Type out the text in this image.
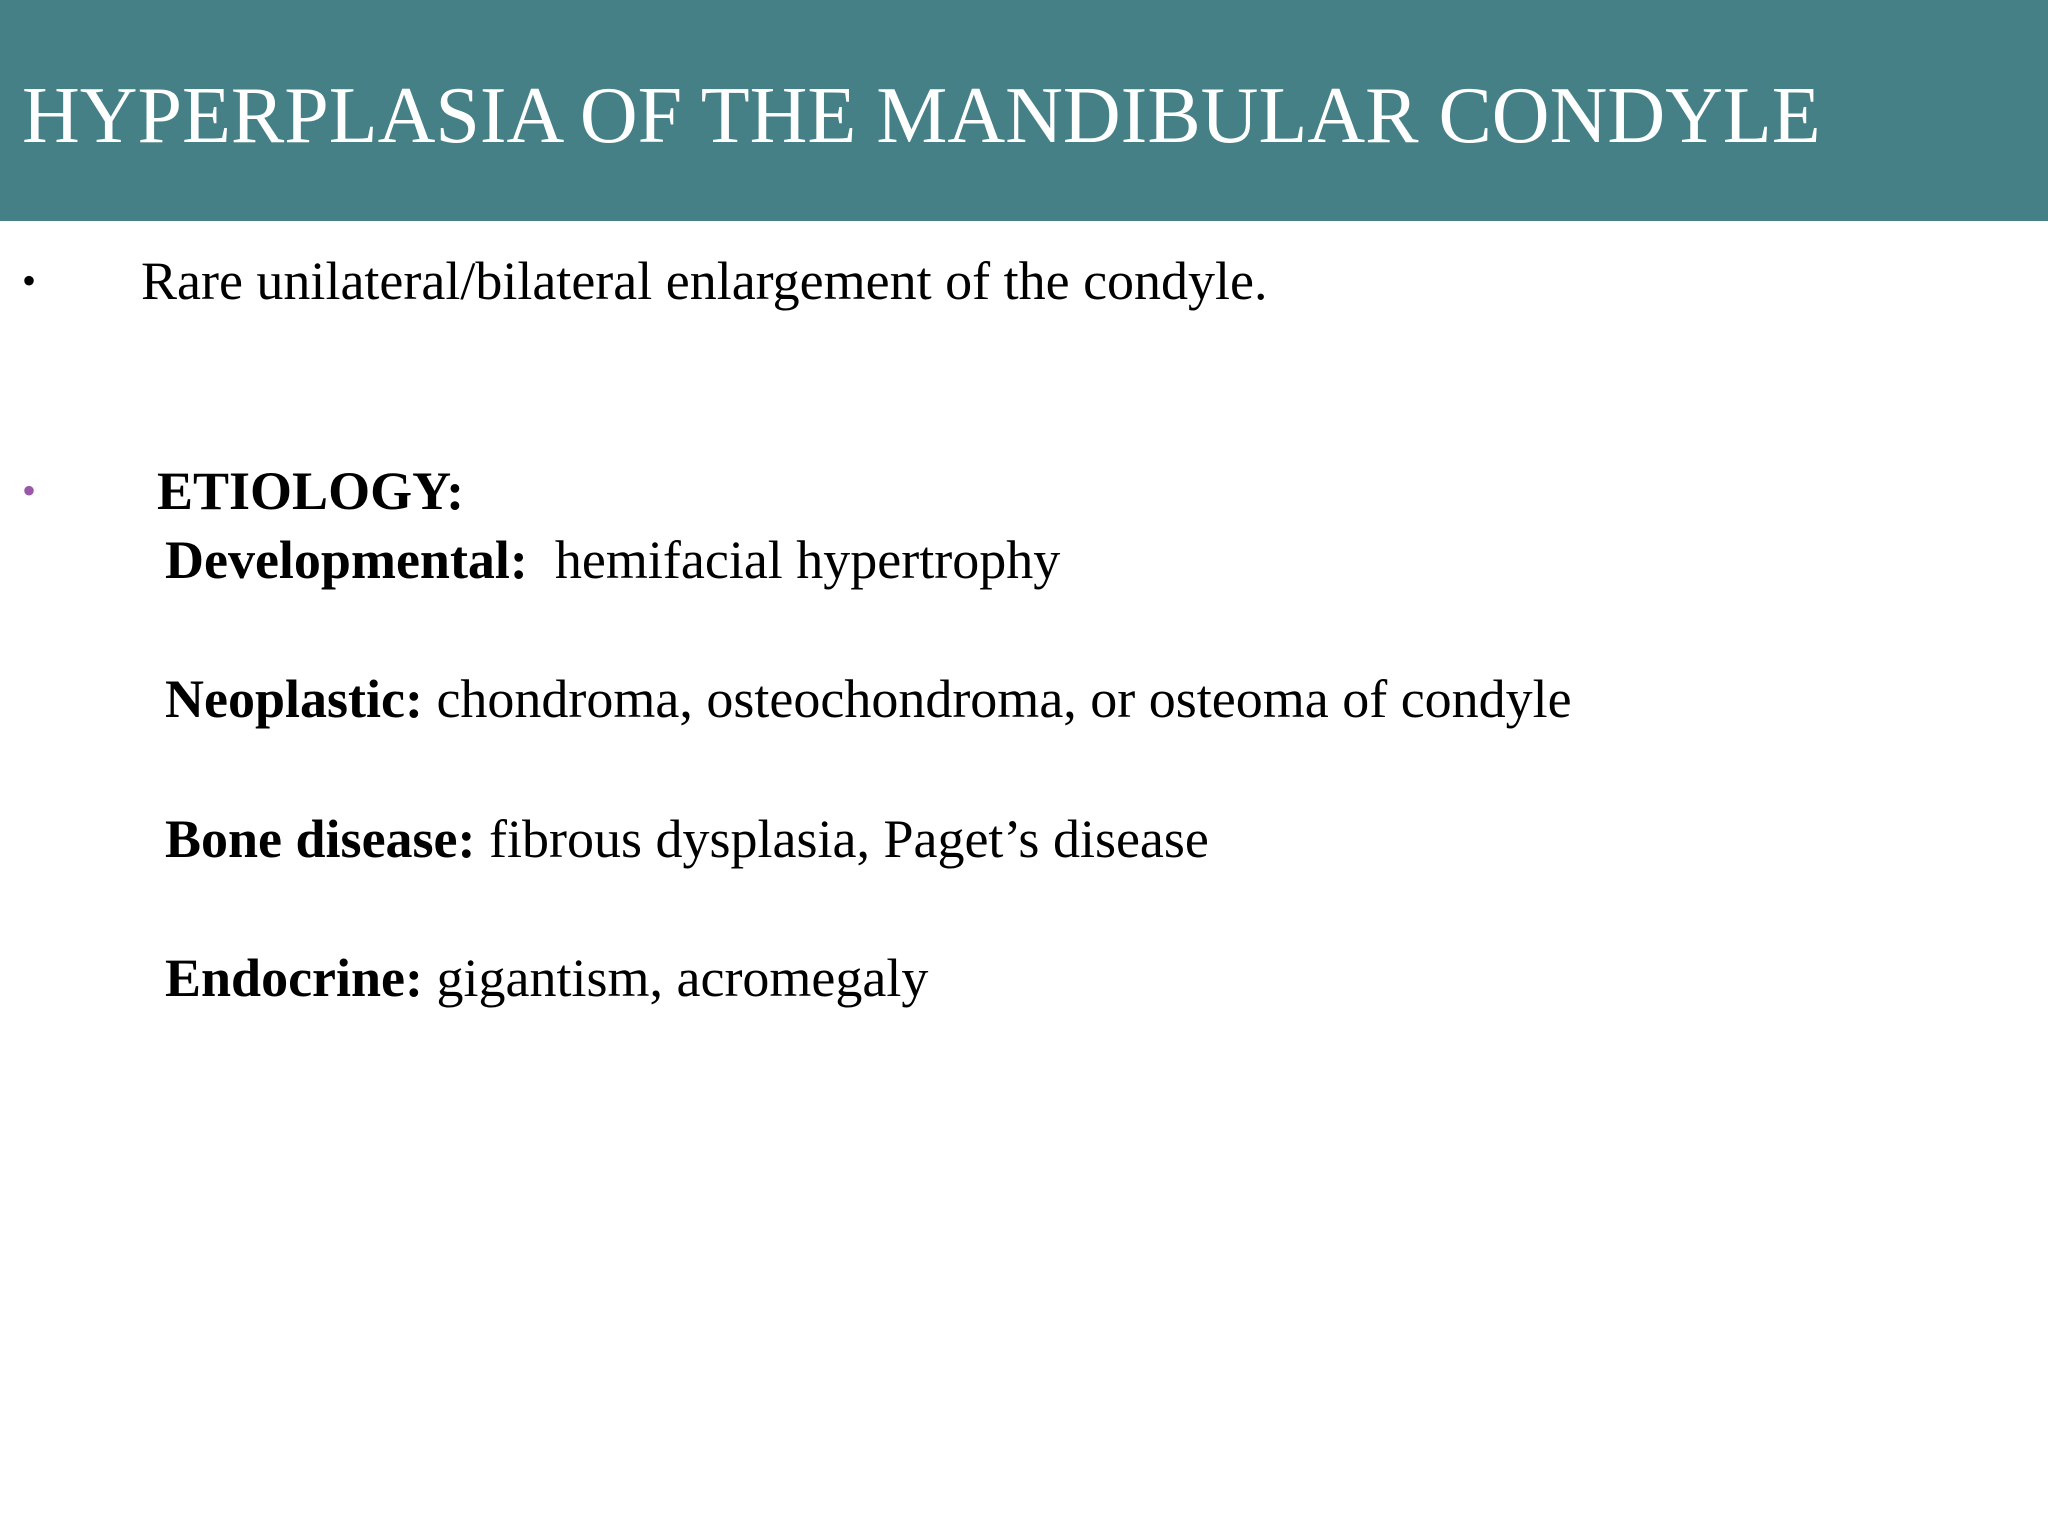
HYPERPLASIA OF THE MANDIBULAR CONDYLE
• Rare unilateral/bilateral enlargement of the condyle.
• ETIOLOGY:
Developmental:  hemifacial hypertrophy
Neoplastic: chondroma, osteochondroma, or osteoma of condyle
Bone disease: fibrous dysplasia, Paget’s disease
Endocrine: gigantism, acromegaly
